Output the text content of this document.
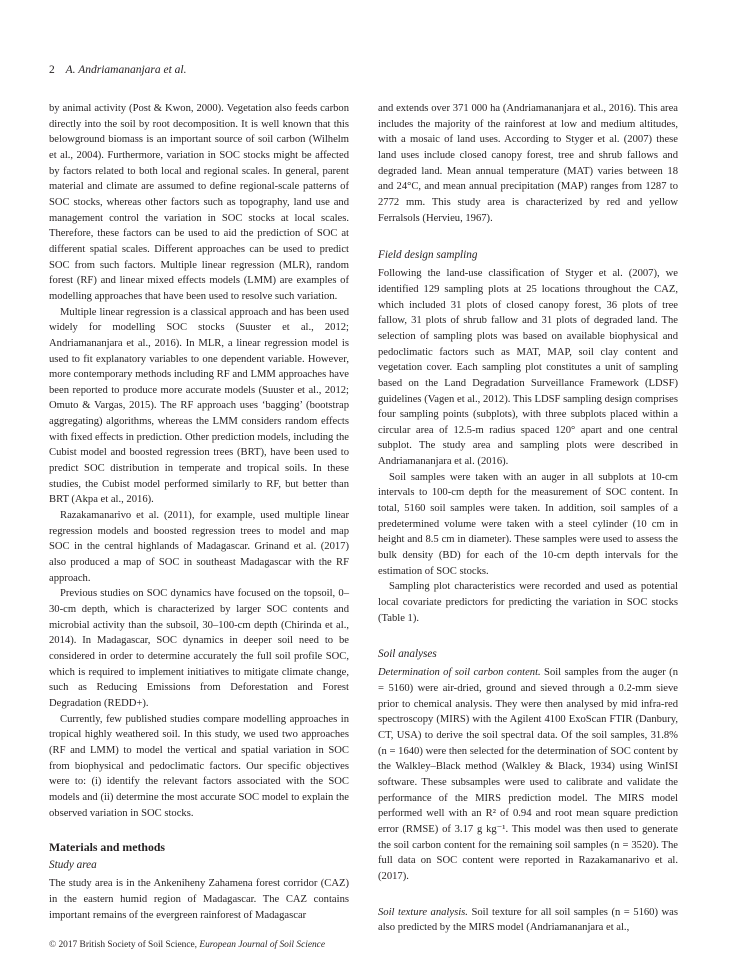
2 A. Andriamananjara et al.

by animal activity (Post & Kwon, 2000). Vegetation also feeds carbon directly into the soil by root decomposition. It is well known that this belowground biomass is an important source of soil carbon (Wilhelm et al., 2004). Furthermore, variation in SOC stocks might be affected by factors related to both local and regional scales. In general, parent material and climate are assumed to define regional-scale patterns of SOC stocks, whereas other factors such as topography, land use and management control the variation in SOC stocks at local scales. Therefore, these factors can be used to aid the prediction of SOC at different spatial scales. Different approaches can be used to predict SOC from such factors. Multiple linear regression (MLR), random forest (RF) and linear mixed effects models (LMM) are examples of modelling approaches that have been used to resolve such variation.

Multiple linear regression is a classical approach and has been used widely for modelling SOC stocks (Suuster et al., 2012; Andriamananjara et al., 2016). In MLR, a linear regression model is used to fit explanatory variables to one dependent variable. However, more contemporary methods including RF and LMM approaches have been reported to produce more accurate models (Suuster et al., 2012; Omuto & Vargas, 2015). The RF approach uses ‘bagging’ (bootstrap aggregating) algorithms, whereas the LMM considers random effects with fixed effects in prediction. Other prediction models, including the Cubist model and boosted regression trees (BRT), have been used to predict SOC distribution in temperate and tropical soils. In these studies, the Cubist model performed similarly to RF, but better than BRT (Akpa et al., 2016).

Razakamanarivo et al. (2011), for example, used multiple linear regression models and boosted regression trees to model and map SOC in the central highlands of Madagascar. Grinand et al. (2017) also produced a map of SOC in southeast Madagascar with the RF approach.

Previous studies on SOC dynamics have focused on the topsoil, 0–30-cm depth, which is characterized by larger SOC contents and microbial activity than the subsoil, 30–100-cm depth (Chirinda et al., 2014). In Madagascar, SOC dynamics in deeper soil need to be considered in order to determine accurately the full soil profile SOC, which is required to implement initiatives to mitigate climate change, such as Reducing Emissions from Deforestation and Forest Degradation (REDD+).

Currently, few published studies compare modelling approaches in tropical highly weathered soil. In this study, we used two approaches (RF and LMM) to model the vertical and spatial variation in SOC from biophysical and pedoclimatic factors. Our specific objectives were to: (i) identify the relevant factors associated with the SOC models and (ii) determine the most accurate SOC model to explain the observed variation in SOC stocks.

Materials and methods
Study area

The study area is in the Ankeniheny Zahamena forest corridor (CAZ) in the eastern humid region of Madagascar. The CAZ contains important remains of the evergreen rainforest of Madagascar

and extends over 371 000 ha (Andriamananjara et al., 2016). This area includes the majority of the rainforest at low and medium altitudes, with a mosaic of land uses. According to Styger et al. (2007) these land uses include closed canopy forest, tree and shrub fallows and degraded land. Mean annual temperature (MAT) varies between 18 and 24°C, and mean annual precipitation (MAP) ranges from 1287 to 2772 mm. This study area is characterized by red and yellow Ferralsols (Hervieu, 1967).

Field design sampling

Following the land-use classification of Styger et al. (2007), we identified 129 sampling plots at 25 locations throughout the CAZ, which included 31 plots of closed canopy forest, 36 plots of tree fallow, 31 plots of shrub fallow and 31 plots of degraded land. The selection of sampling plots was based on available biophysical and pedoclimatic factors such as MAT, MAP, soil clay content and vegetation cover. Each sampling plot constitutes a unit of sampling based on the Land Degradation Surveillance Framework (LDSF) guidelines (Vagen et al., 2012). This LDSF sampling design comprises four sampling points (subplots), with three subplots placed within a circular area of 12.5-m radius spaced 120° apart and one central subplot. The study area and sampling plots were described in Andriamananjara et al. (2016).

Soil samples were taken with an auger in all subplots at 10-cm intervals to 100-cm depth for the measurement of SOC content. In total, 5160 soil samples were taken. In addition, soil samples of a predetermined volume were taken with a steel cylinder (10 cm in height and 8.5 cm in diameter). These samples were used to assess the bulk density (BD) for each of the 10-cm depth intervals for the estimation of SOC stocks.

Sampling plot characteristics were recorded and used as potential local covariate predictors for predicting the variation in SOC stocks (Table 1).

Soil analyses

Determination of soil carbon content. Soil samples from the auger (n = 5160) were air-dried, ground and sieved through a 0.2-mm sieve prior to chemical analysis. They were then analysed by mid infra-red spectroscopy (MIRS) with the Agilent 4100 ExoScan FTIR (Danbury, CT, USA) to derive the soil spectral data. Of the soil samples, 31.8% (n = 1640) were then selected for the determination of SOC content by the Walkley–Black method (Walkley & Black, 1934) using WinISI software. These subsamples were used to calibrate and validate the performance of the MIRS prediction model. The MIRS model performed well with an R² of 0.94 and root mean square prediction error (RMSE) of 3.17 g kg⁻¹. This model was then used to generate the soil carbon content for the remaining soil samples (n = 3520). The full data on SOC content were reported in Razakamanarivo et al. (2017).

Soil texture analysis. Soil texture for all soil samples (n = 5160) was also predicted by the MIRS model (Andriamananjara et al.,

© 2017 British Society of Soil Science, European Journal of Soil Science
